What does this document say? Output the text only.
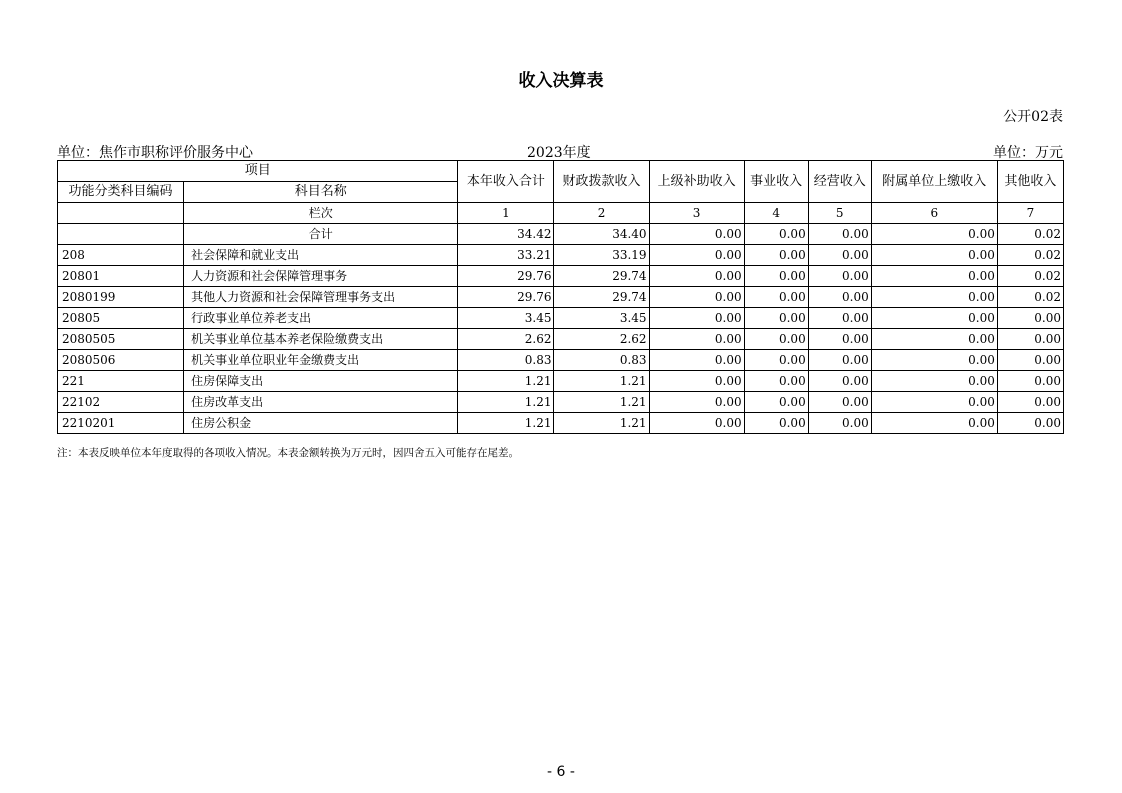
收入决算表
公开02表
单位：焦作市职称评价服务中心	2023年度	单位：万元
项目		本年收入合计	财政拨款收入	上级补助收入	事业收入	经营收入	附属单位上缴收入	其他收入
功能分类科目编码	科目名称							
	栏次	1	2	3	4	5	6	7
	合计	34.42	34.40	0.00	0.00	0.00	0.00	0.02
208	社会保障和就业支出	33.21	33.19	0.00	0.00	0.00	0.00	0.02
20801	人力资源和社会保障管理事务	29.76	29.74	0.00	0.00	0.00	0.00	0.02
2080199	其他人力资源和社会保障管理事务支出	29.76	29.74	0.00	0.00	0.00	0.00	0.02
20805	行政事业单位养老支出	3.45	3.45	0.00	0.00	0.00	0.00	0.00
2080505	机关事业单位基本养老保险缴费支出	2.62	2.62	0.00	0.00	0.00	0.00	0.00
2080506	机关事业单位职业年金缴费支出	0.83	0.83	0.00	0.00	0.00	0.00	0.00
221	住房保障支出	1.21	1.21	0.00	0.00	0.00	0.00	0.00
22102	住房改革支出	1.21	1.21	0.00	0.00	0.00	0.00	0.00
2210201	住房公积金	1.21	1.21	0.00	0.00	0.00	0.00	0.00
注：本表反映单位本年度取得的各项收入情况。本表金额转换为万元时，因四舍五入可能存在尾差。
- 6 -
